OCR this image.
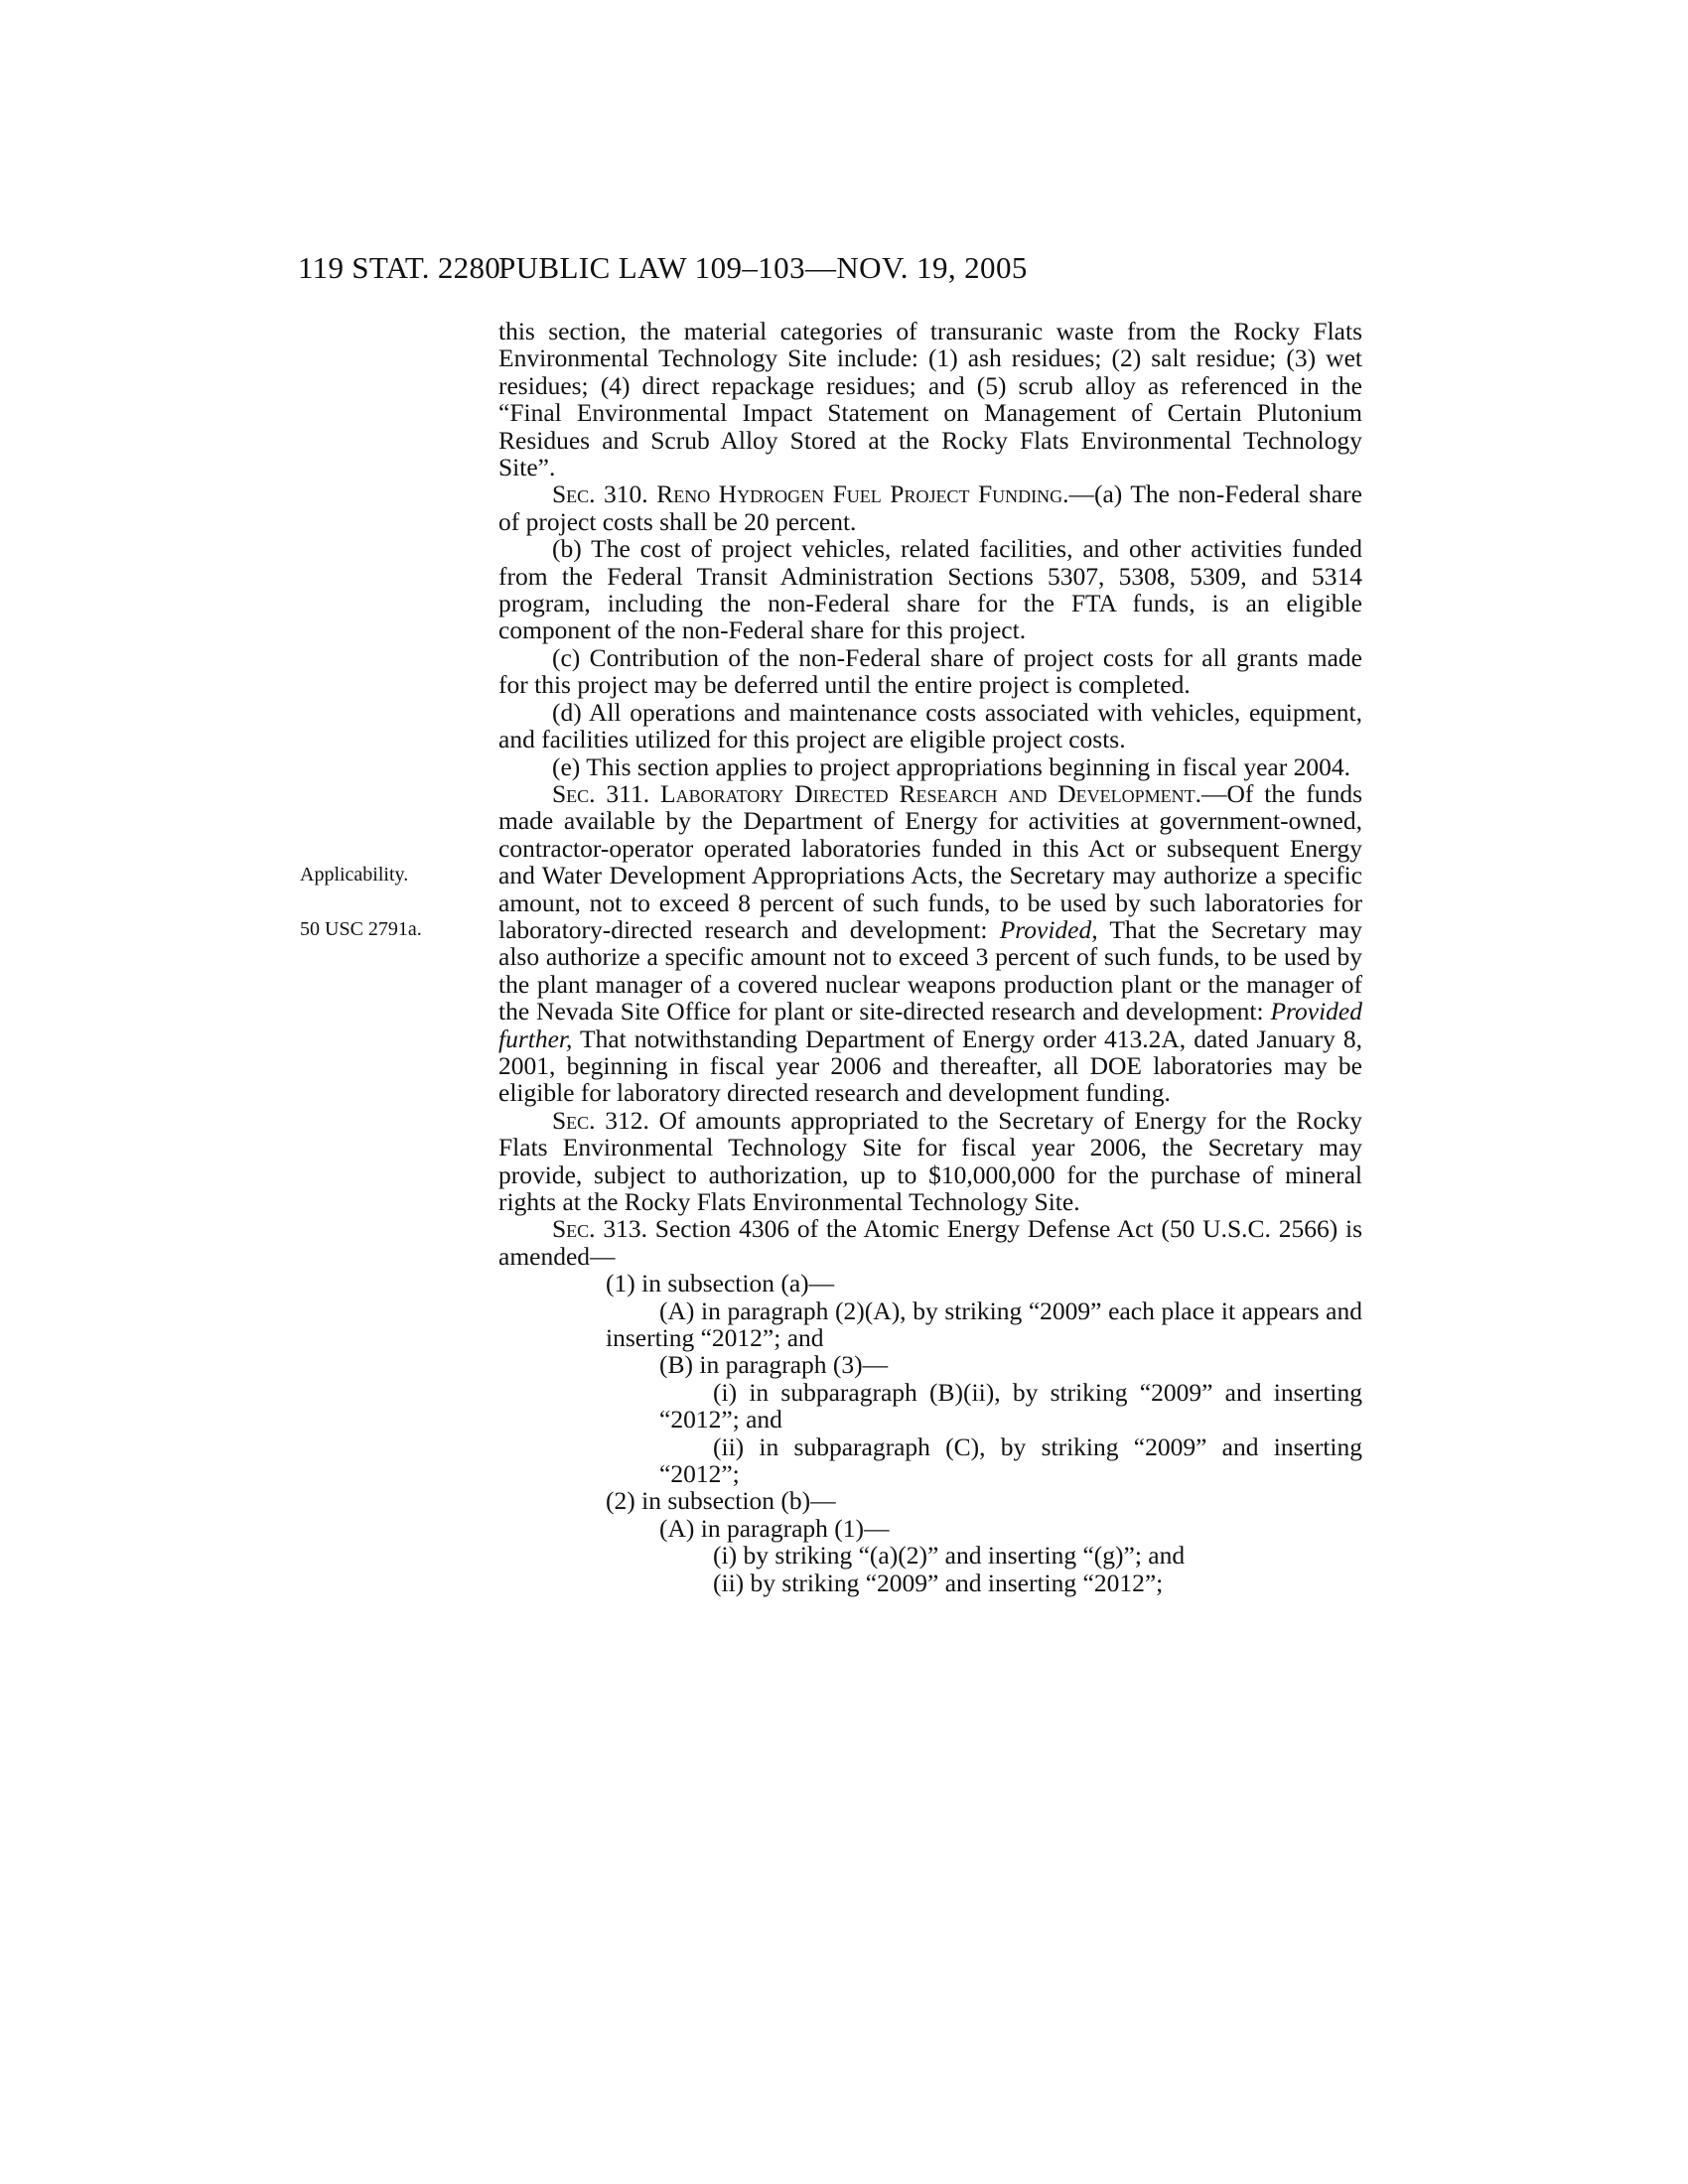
119 STAT. 2280
PUBLIC LAW 109–103—NOV. 19, 2005
Applicability.
50 USC 2791a.

this section, the material categories of transuranic waste from the Rocky Flats Environmental Technology Site include: (1) ash residues; (2) salt residue; (3) wet residues; (4) direct repackage residues; and (5) scrub alloy as referenced in the “Final Environmental Impact Statement on Management of Certain Plutonium Residues and Scrub Alloy Stored at the Rocky Flats Environmental Technology Site”.

Sec. 310. Reno Hydrogen Fuel Project Funding.—(a) The non-Federal share of project costs shall be 20 percent.

(b) The cost of project vehicles, related facilities, and other activities funded from the Federal Transit Administration Sections 5307, 5308, 5309, and 5314 program, including the non-Federal share for the FTA funds, is an eligible component of the non-Federal share for this project.

(c) Contribution of the non-Federal share of project costs for all grants made for this project may be deferred until the entire project is completed.

(d) All operations and maintenance costs associated with vehicles, equipment, and facilities utilized for this project are eligible project costs.

(e) This section applies to project appropriations beginning in fiscal year 2004.

Sec. 311. Laboratory Directed Research and Development.—Of the funds made available by the Department of Energy for activities at government-owned, contractor-operator operated laboratories funded in this Act or subsequent Energy and Water Development Appropriations Acts, the Secretary may authorize a specific amount, not to exceed 8 percent of such funds, to be used by such laboratories for laboratory-directed research and development: Provided, That the Secretary may also authorize a specific amount not to exceed 3 percent of such funds, to be used by the plant manager of a covered nuclear weapons production plant or the manager of the Nevada Site Office for plant or site-directed research and development: Provided further, That notwithstanding Department of Energy order 413.2A, dated January 8, 2001, beginning in fiscal year 2006 and thereafter, all DOE laboratories may be eligible for laboratory directed research and development funding.

Sec. 312. Of amounts appropriated to the Secretary of Energy for the Rocky Flats Environmental Technology Site for fiscal year 2006, the Secretary may provide, subject to authorization, up to $10,000,000 for the purchase of mineral rights at the Rocky Flats Environmental Technology Site.

Sec. 313. Section 4306 of the Atomic Energy Defense Act (50 U.S.C. 2566) is amended—

(1) in subsection (a)—

(A) in paragraph (2)(A), by striking “2009” each place it appears and inserting “2012”; and

(B) in paragraph (3)—

(i) in subparagraph (B)(ii), by striking “2009” and inserting “2012”; and

(ii) in subparagraph (C), by striking “2009” and inserting “2012”;

(2) in subsection (b)—

(A) in paragraph (1)—

(i) by striking “(a)(2)” and inserting “(g)”; and

(ii) by striking “2009” and inserting “2012”;
